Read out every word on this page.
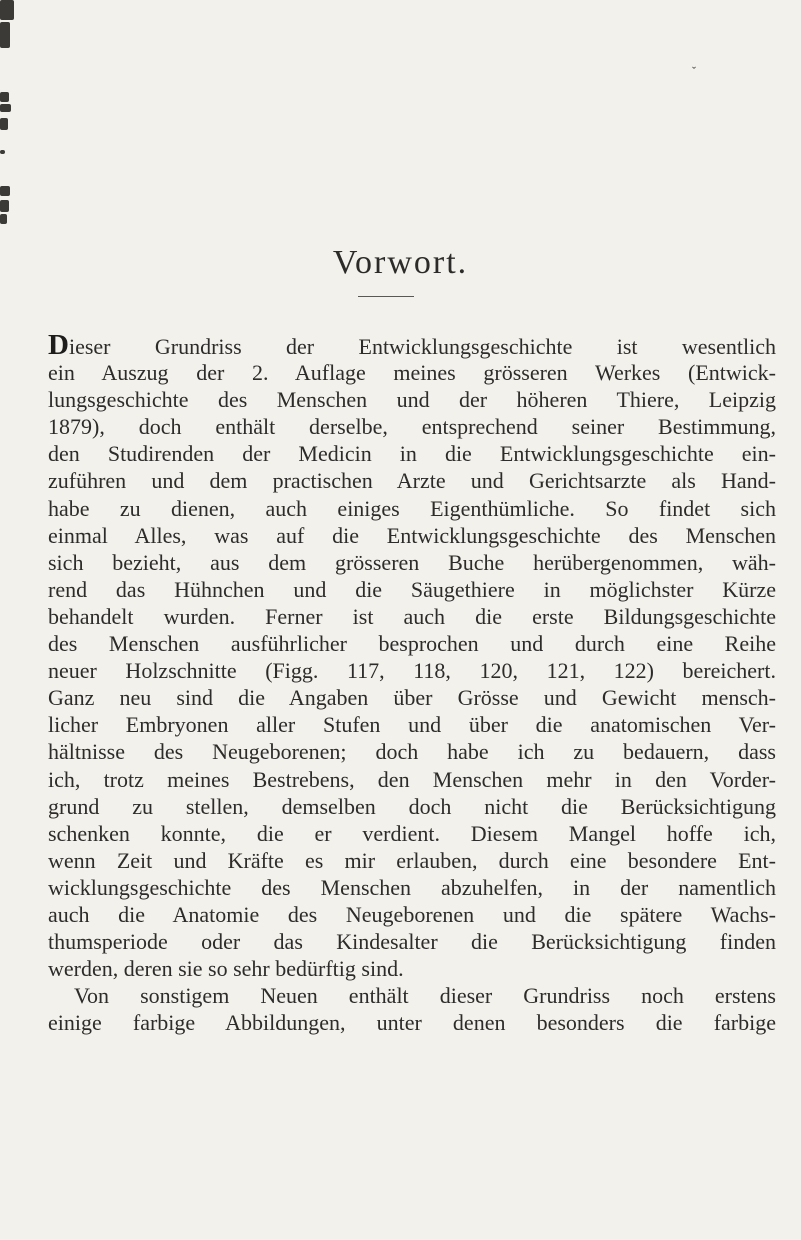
ˇ
Vorwort.
Dieser Grundriss der Entwicklungsgeschichte ist wesentlich
ein Auszug der 2. Auflage meines grösseren Werkes (Entwick-
lungsgeschichte des Menschen und der höheren Thiere, Leipzig
1879), doch enthält derselbe, entsprechend seiner Bestimmung,
den Studirenden der Medicin in die Entwicklungsgeschichte ein-
zuführen und dem practischen Arzte und Gerichtsarzte als Hand-
habe zu dienen, auch einiges Eigenthümliche. So findet sich
einmal Alles, was auf die Entwicklungsgeschichte des Menschen
sich bezieht, aus dem grösseren Buche herübergenommen, wäh-
rend das Hühnchen und die Säugethiere in möglichster Kürze
behandelt wurden. Ferner ist auch die erste Bildungsgeschichte
des Menschen ausführlicher besprochen und durch eine Reihe
neuer Holzschnitte (Figg. 117, 118, 120, 121, 122) bereichert.
Ganz neu sind die Angaben über Grösse und Gewicht mensch-
licher Embryonen aller Stufen und über die anatomischen Ver-
hältnisse des Neugeborenen; doch habe ich zu bedauern, dass
ich, trotz meines Bestrebens, den Menschen mehr in den Vorder-
grund zu stellen, demselben doch nicht die Berücksichtigung
schenken konnte, die er verdient. Diesem Mangel hoffe ich,
wenn Zeit und Kräfte es mir erlauben, durch eine besondere Ent-
wicklungsgeschichte des Menschen abzuhelfen, in der namentlich
auch die Anatomie des Neugeborenen und die spätere Wachs-
thumsperiode oder das Kindesalter die Berücksichtigung finden
werden, deren sie so sehr bedürftig sind.
Von sonstigem Neuen enthält dieser Grundriss noch erstens
einige farbige Abbildungen, unter denen besonders die farbige
